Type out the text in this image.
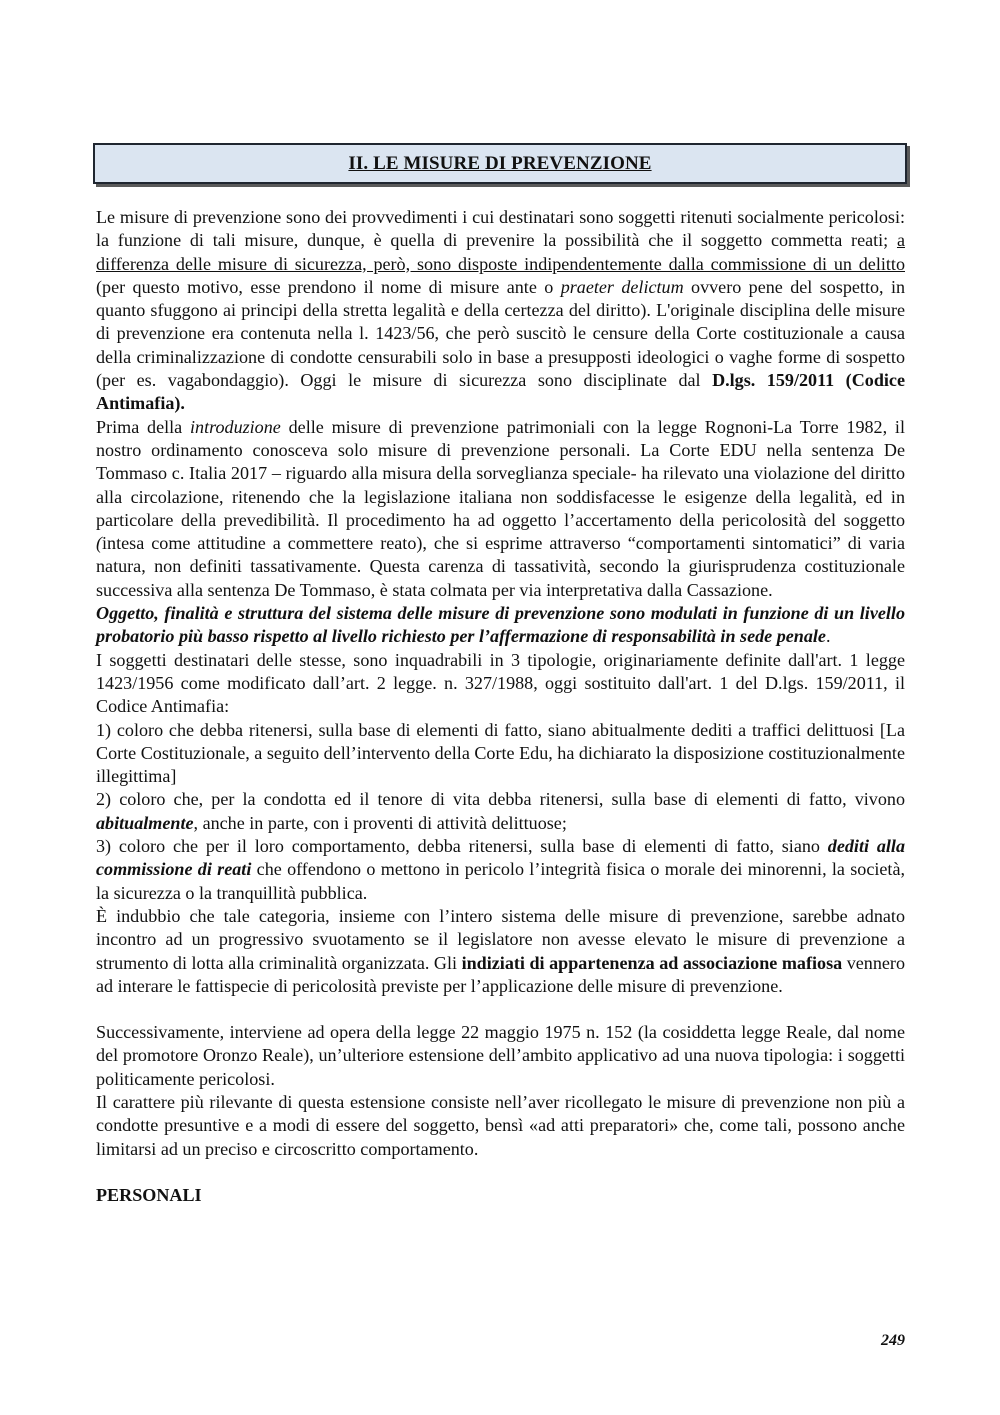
II. LE MISURE DI PREVENZIONE

Le misure di prevenzione sono dei provvedimenti i cui destinatari sono soggetti ritenuti socialmente pericolosi: la funzione di tali misure, dunque, è quella di prevenire la possibilità che il soggetto commetta reati; a differenza delle misure di sicurezza, però, sono disposte indipendentemente dalla commissione di un delitto (per questo motivo, esse prendono il nome di misure ante o praeter delictum ovvero pene del sospetto, in quanto sfuggono ai principi della stretta legalità e della certezza del diritto). L'originale disciplina delle misure di prevenzione era contenuta nella l. 1423/56, che però suscitò le censure della Corte costituzionale a causa della criminalizzazione di condotte censurabili solo in base a presupposti ideologici o vaghe forme di sospetto (per es. vagabondaggio). Oggi le misure di sicurezza sono disciplinate dal D.lgs. 159/2011 (Codice Antimafia).

Prima della introduzione delle misure di prevenzione patrimoniali con la legge Rognoni-La Torre 1982, il nostro ordinamento conosceva solo misure di prevenzione personali. La Corte EDU nella sentenza De Tommaso c. Italia 2017 – riguardo alla misura della sorveglianza speciale- ha rilevato una violazione del diritto alla circolazione, ritenendo che la legislazione italiana non soddisfacesse le esigenze della legalità, ed in particolare della prevedibilità. Il procedimento ha ad oggetto l’accertamento della pericolosità del soggetto (intesa come attitudine a commettere reato), che si esprime attraverso “comportamenti sintomatici” di varia natura, non definiti tassativamente. Questa carenza di tassatività, secondo la giurisprudenza costituzionale successiva alla sentenza De Tommaso, è stata colmata per via interpretativa dalla Cassazione.

Oggetto, finalità e struttura del sistema delle misure di prevenzione sono modulati in funzione di un livello probatorio più basso rispetto al livello richiesto per l’affermazione di responsabilità in sede penale.

I soggetti destinatari delle stesse, sono inquadrabili in 3 tipologie, originariamente definite dall'art. 1 legge 1423/1956 come modificato dall’art. 2 legge. n. 327/1988, oggi sostituito dall'art. 1 del D.lgs. 159/2011, il Codice Antimafia:

1) coloro che debba ritenersi, sulla base di elementi di fatto, siano abitualmente dediti a traffici delittuosi [La Corte Costituzionale, a seguito dell’intervento della Corte Edu, ha dichiarato la disposizione costituzionalmente illegittima]

2) coloro che, per la condotta ed il tenore di vita debba ritenersi, sulla base di elementi di fatto, vivono abitualmente, anche in parte, con i proventi di attività delittuose;

3) coloro che per il loro comportamento, debba ritenersi, sulla base di elementi di fatto, siano dediti alla commissione di reati che offendono o mettono in pericolo l’integrità fisica o morale dei minorenni, la società, la sicurezza o la tranquillità pubblica.

È indubbio che tale categoria, insieme con l’intero sistema delle misure di prevenzione, sarebbe adnato incontro ad un progressivo svuotamento se il legislatore non avesse elevato le misure di prevenzione a strumento di lotta alla criminalità organizzata. Gli indiziati di appartenenza ad associazione mafiosa vennero ad interare le fattispecie di pericolosità previste per l’applicazione delle misure di prevenzione.

Successivamente, interviene ad opera della legge 22 maggio 1975 n. 152 (la cosiddetta legge Reale, dal nome del promotore Oronzo Reale), un’ulteriore estensione dell’ambito applicativo ad una nuova tipologia: i soggetti politicamente pericolosi.

Il carattere più rilevante di questa estensione consiste nell’aver ricollegato le misure di prevenzione non più a condotte presuntive e a modi di essere del soggetto, bensì «ad atti preparatori» che, come tali, possono anche limitarsi ad un preciso e circoscritto comportamento.

PERSONALI

249
